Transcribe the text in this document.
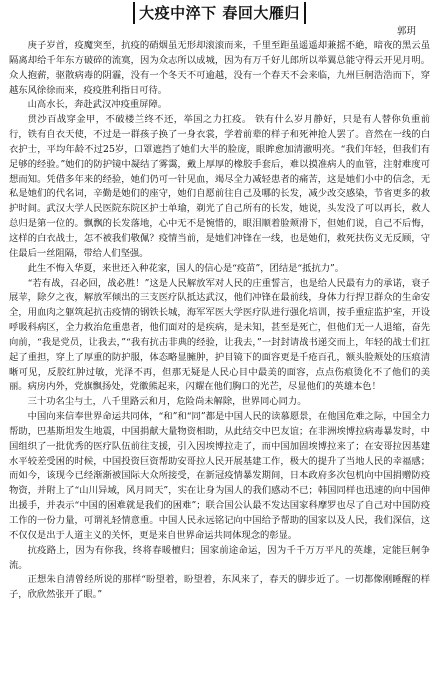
大疫中淬下 春回大雁归
郭玥

庚子岁首，疫魔突至，抗疫的硝烟虽无形却滚滚而来，千里至距虽遥遥却兼摇不絶，暗夜的黑云虽隔离却给千年东方破碎的流寞，因为众志所以成城，因为有万千好儿郎所以举翼总能守得云开见月明。众人抱薪，驱散病毒的阴霾，没有一个冬天不可逾越，没有一个春天不会来临，九州巨舸浩浩而下，穿越东风徐徐而来，疫疫胜利指日可待。

山高水长，奔赴武汉冲疫重屏障。

贯沙百战穿金甲，不破楼兰终不还，举国之力扛疫。 铁有什么岁月静好，只是有人替你负重前行，铁有自衣天使，不过是一群孩子换了一身衣裳，学着前辈的样子和死神抢人罢了。音然在一线的白衣护士，平均年龄不过25岁，口罩遮挡了她们大半的脸庞，眼眸愈加清澈明亮。“我们年轻，但我们有足够的经验。”她们的防护镜中凝结了雾霭，戴上厚厚的橡胶手套后，难以摸准病人的血管，注射难度可想而知。凭借多年来的经验，她们仍可一针见血，竭尽全力减轻患者的痛苦，这是她们小中的信念，无私是她们的代名词，辛勤是她们的座守，她们自愿前往自己及哪的长发，减少改交感染，节省更多的救护时间。武汉大学人民医院东院区护士单瑜，剃光了自己所有的长发，她说，头发没了可以再长，救人总归是第一位的。飘飘的长发落地，心中无不是惋惜的，眼泪顺着脸颊滑下，但她们说，自己不后悔，这样的白衣战士，怎不被我们敬佩？疫情当前，是她们冲锋在一线，也是她们，救死扶伤义无反顾，守住最后一丝阻隔，带给人们坚强。

此生不悔入华夏，来世还入种花家，国人的信心是“疫苗”，团结是“抵抗力”。

“若有战，召必回，战必胜！”这是人民解放军对人民的庄重誓言，也是给人民最有力的承诺，衰子展苹，除夕之夜，解放军倾出的三支医疗队抵达武汉，他们冲锋在最前线，身体力行捍卫群众的生命安全，用血肉之躯筑起抗击疫情的钢铁长城，海军军医大学医疗队进行强化培训，按手重症监护室，开设呼吸科病区，全力救治危重患者，他们面对的是疾病，是未知，甚至是死亡，但他们无一人退缩，奋先向前，“我是党员，让我去，”“我有抗击非典的经验，让我去，”一封封请战书递交而上，年轻的战士们扛起了重担，穿上了厚重的防护服，体态略显臃肿，护目镜下的面容更是千疮百孔，额头脸颊处的压痕清晰可见，反胶红肿过敏，光泽不再，但那无疑是人民心目中最美的面容，点点伤痕烫化不了他们的美丽。病房内外，党旗飘扬处，党徽熊起来，闪耀在他们胸口的光芒，尽显他们的英雄本色！

三十功名尘与土，八千里路云和月，危险尚未解除，世界同心同力。

中国向来信奉世界命运共同体，“和”和“同”都是中国人民的读慕愿景，在他国危难之际，中国全力帮助，巴基斯坦发生地震，中国捐献大量物资相助，从此结交中巴友谊；在非洲埃博拉病毒暴发时，中国组织了一批优秀的医疗队伍前往支援，引入因埃博拉走了，而中国加固埃博拉来了；在安哥拉因基建水平较差受困的时候，中国投资巨资帮助安哥拉人民开展基建工作，极大的提升了当地人民的幸福感；而如今，该现今已经渐渐被国际大众所接受，在新冠疫情暴发期间，日本政府多次包机向中国捐赠防疫物资，并附上了“山川异域，风月同天”，实在让身为国人的我们感动不已；韩国同样也迅速的向中国伸出援手，并表示“中国的困难就是我们的困难”；联合国公认最不发达国家科摩罗也尽了自己对中国防疫工作的一份力量，可谓礼轻情意重。中国人民永远铭记向中国给予帮助的国家以及人民，我们深信，这不仅仅是出于人道主义的关怀，更是来自世界命运共同体现念的彰显。

抗疫路上，因为有你我，终将春暖檀归；国家前途命运，因为千千万万平凡的英雄，定能巨舸争流。

正想朱自清曾经所说的那样“盼望着，盼望着，东风来了，春天的脚步近了。一切都像刚睡醒的样子，欣欣然张开了眼。”
